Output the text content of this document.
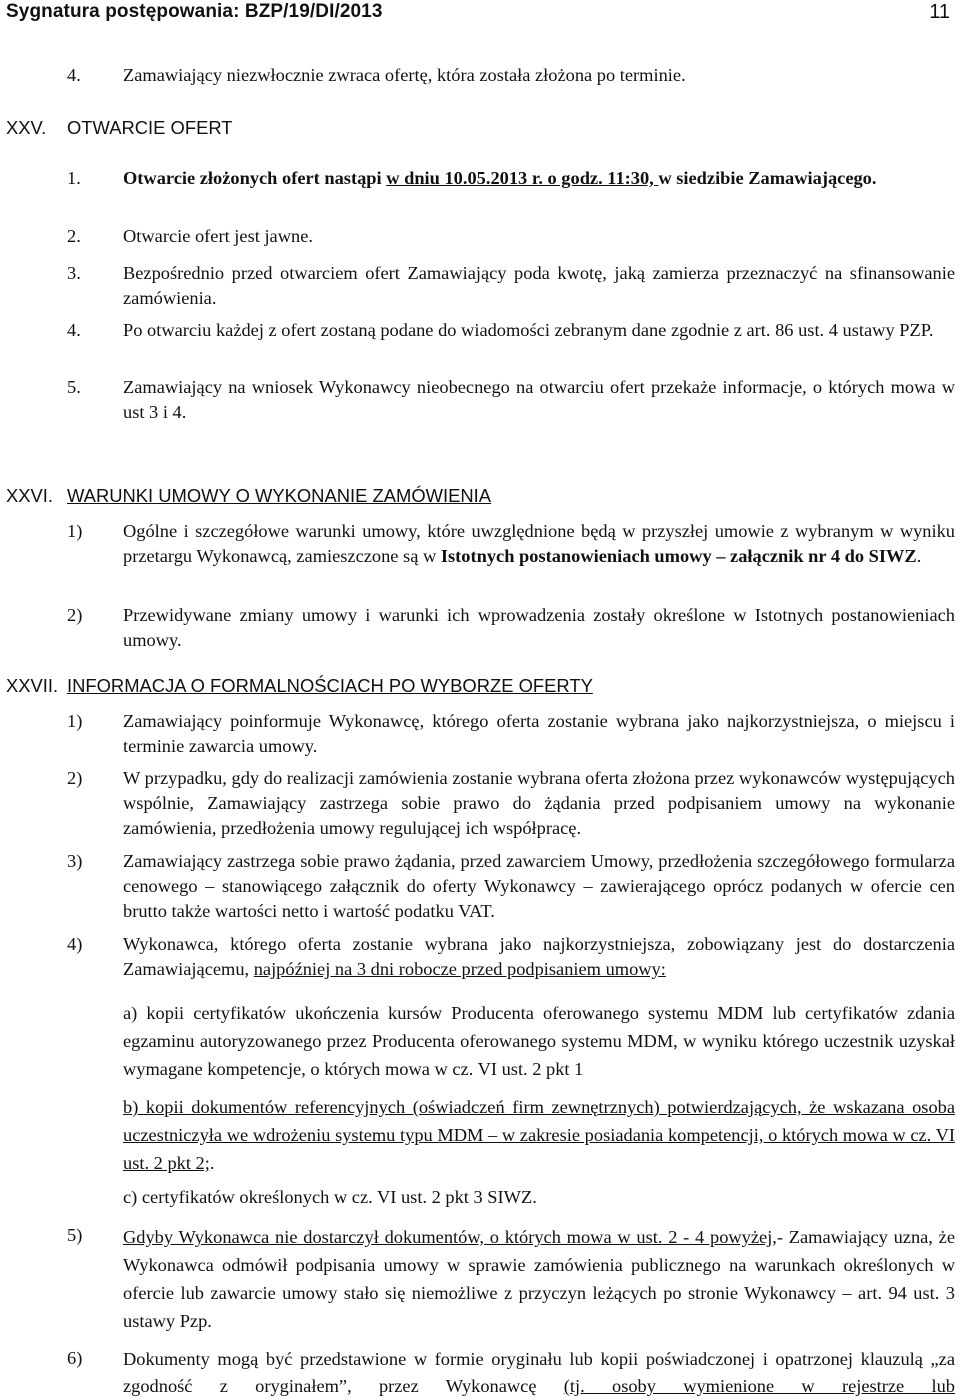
Sygnatura postępowania: BZP/19/DI/2013	11
4. Zamawiający niezwłocznie zwraca ofertę, która została złożona po terminie.
XXV. OTWARCIE OFERT
1. Otwarcie złożonych ofert nastąpi w dniu 10.05.2013 r. o godz. 11:30, w siedzibie Zamawiającego.
2. Otwarcie ofert jest jawne.
3. Bezpośrednio przed otwarciem ofert Zamawiający poda kwotę, jaką zamierza przeznaczyć na sfinansowanie zamówienia.
4. Po otwarciu każdej z ofert zostaną podane do wiadomości zebranym dane zgodnie z art. 86 ust. 4 ustawy PZP.
5. Zamawiający na wniosek Wykonawcy nieobecnego na otwarciu ofert przekaże informacje, o których mowa w ust 3 i 4.
XXVI. WARUNKI UMOWY O WYKONANIE ZAMÓWIENIA
1) Ogólne i szczegółowe warunki umowy, które uwzględnione będą w przyszłej umowie z wybranym w wyniku przetargu Wykonawcą, zamieszczone są w Istotnych postanowieniach umowy – załącznik nr 4 do SIWZ.
2) Przewidywane zmiany umowy i warunki ich wprowadzenia zostały określone w Istotnych postanowieniach umowy.
XXVII. INFORMACJA O FORMALNOŚCIACH PO WYBORZE OFERTY
1) Zamawiający poinformuje Wykonawcę, którego oferta zostanie wybrana jako najkorzystniejsza, o miejscu i terminie zawarcia umowy.
2) W przypadku, gdy do realizacji zamówienia zostanie wybrana oferta złożona przez wykonawców występujących wspólnie, Zamawiający zastrzega sobie prawo do żądania przed podpisaniem umowy na wykonanie zamówienia, przedłożenia umowy regulującej ich współpracę.
3) Zamawiający zastrzega sobie prawo żądania, przed zawarciem Umowy, przedłożenia szczegółowego formularza cenowego – stanowiącego załącznik do oferty Wykonawcy – zawierającego oprócz podanych w ofercie cen brutto także wartości netto i wartość podatku VAT.
4) Wykonawca, którego oferta zostanie wybrana jako najkorzystniejsza, zobowiązany jest do dostarczenia Zamawiającemu, najpóźniej na 3 dni robocze przed podpisaniem umowy:
a) kopii certyfikatów ukończenia kursów Producenta oferowanego systemu MDM lub certyfikatów zdania egzaminu autoryzowanego przez Producenta oferowanego systemu MDM, w wyniku którego uczestnik uzyskał wymagane kompetencje, o których mowa w cz. VI ust. 2 pkt 1
b) kopii dokumentów referencyjnych (oświadczeń firm zewnętrznych) potwierdzających, że wskazana osoba uczestniczyła we wdrożeniu systemu typu MDM – w zakresie posiadania kompetencji, o których mowa w cz. VI ust. 2 pkt 2;.
c) certyfikatów określonych w cz. VI ust. 2 pkt 3 SIWZ.
5) Gdyby Wykonawca nie dostarczył dokumentów, o których mowa w ust. 2 - 4 powyżej,- Zamawiający uzna, że Wykonawca odmówił podpisania umowy w sprawie zamówienia publicznego na warunkach określonych w ofercie lub zawarcie umowy stało się niemożliwe z przyczyn leżących po stronie Wykonawcy – art. 94 ust. 3 ustawy Pzp.
6) Dokumenty mogą być przedstawione w formie oryginału lub kopii poświadczonej i opatrzonej klauzulą „za zgodność z oryginałem”, przez Wykonawcę (tj. osoby wymienione w rejestrze lub
